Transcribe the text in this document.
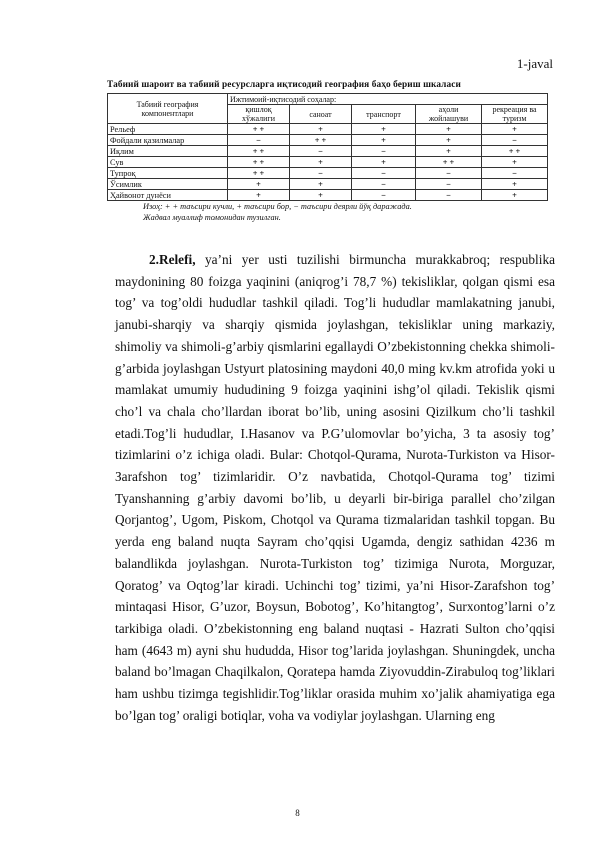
1-javal
Табиий шароит ва табиий ресурсларга иқтисодий география баҳо бериш шкаласи
Табиий география компонентлари	Ижтимоий-иқтисодий соҳалар:				
	қишлоқ хўжалиги	саноат	транспорт	аҳоли жойлашуви	рекреация ва туризм
Рельеф	+ +	+	+	+	+
Фойдали қазилмалар	−	+ +	+	+	−
Иқлим	+ +	−	−	+	+ +
Сув	+ +	+	+	+ +	+
Тупроқ	+ +	−	−	−	−
Ўсимлик	+	+	−	−	+
Ҳайвонот дунёси	+	+	−	−	+
Изоҳ: + + таъсири кучли, + таъсири бор, − таъсири деярли йўқ даражада.
Жадвал муаллиф томонидан тузилган.

2.Relefi, ya’ni yer usti tuzilishi birmuncha murakkabroq; respublika maydonining 80 foizga yaqinini (aniqrog’i 78,7 %) tekisliklar, qolgan qismi esa tog’ va tog’oldi hududlar tashkil qiladi. Tog’li hududlar mamlakatning janubi, janubi-sharqiy va sharqiy qismida joylashgan, tekisliklar uning markaziy, shimoliy va shimoli-g’arbiy qismlarini egallaydi O’zbekistonning chekka shimoli-g’arbida joylashgan Ustyurt platosining maydoni 40,0 ming kv.km atrofida yoki u mamlakat umumiy hududining 9 foizga yaqinini ishg’ol qiladi. Tekislik qismi cho’l va chala cho’llardan iborat bo’lib, uning asosini Qizilkum cho’li tashkil etadi.Tog’li hududlar, I.Hasanov va P.G’ulomovlar bo’yicha, 3 ta asosiy tog’ tizimlarini o’z ichiga oladi. Bular: Chotqol-Qurama, Nurota-Turkiston va Hisor-Зarafshon tog’ tizimlaridir. O’z navbatida, Chotqol-Qurama tog’ tizimi Tyanshanning g’arbiy davomi bo’lib, u deyarli bir-biriga parallel cho’zilgan Qorjantog’, Ugom, Piskom, Chotqol va Qurama tizmalaridan tashkil topgan. Bu yerda eng baland nuqta Sayram cho’qqisi Ugamda, dengiz sathidan 4236 m balandlikda joylashgan. Nurota-Turkiston tog’ tizimiga Nurota, Morguzar, Qoratog’ va Oqtog’lar kiradi. Uchinchi tog’ tizimi, ya’ni Hisor-Zarafshon tog’ mintaqasi Hisor, G’uzor, Boysun, Bobotog’, Ko’hitangtog’, Surxontog’larni o’z tarkibiga oladi. O’zbekistonning eng baland nuqtasi - Hazrati Sulton cho’qqisi ham (4643 m) ayni shu hududda, Hisor tog’larida joylashgan. Shuningdek, uncha baland bo’lmagan Chaqilkalon, Qoratepa hamda Ziyovuddin-Zirabuloq tog’liklari ham ushbu tizimga tegishlidir.Tog’liklar orasida muhim xo’jalik ahamiyatiga ega bo’lgan tog’ oraligi botiqlar, voha va vodiylar joylashgan. Ularning eng

8
